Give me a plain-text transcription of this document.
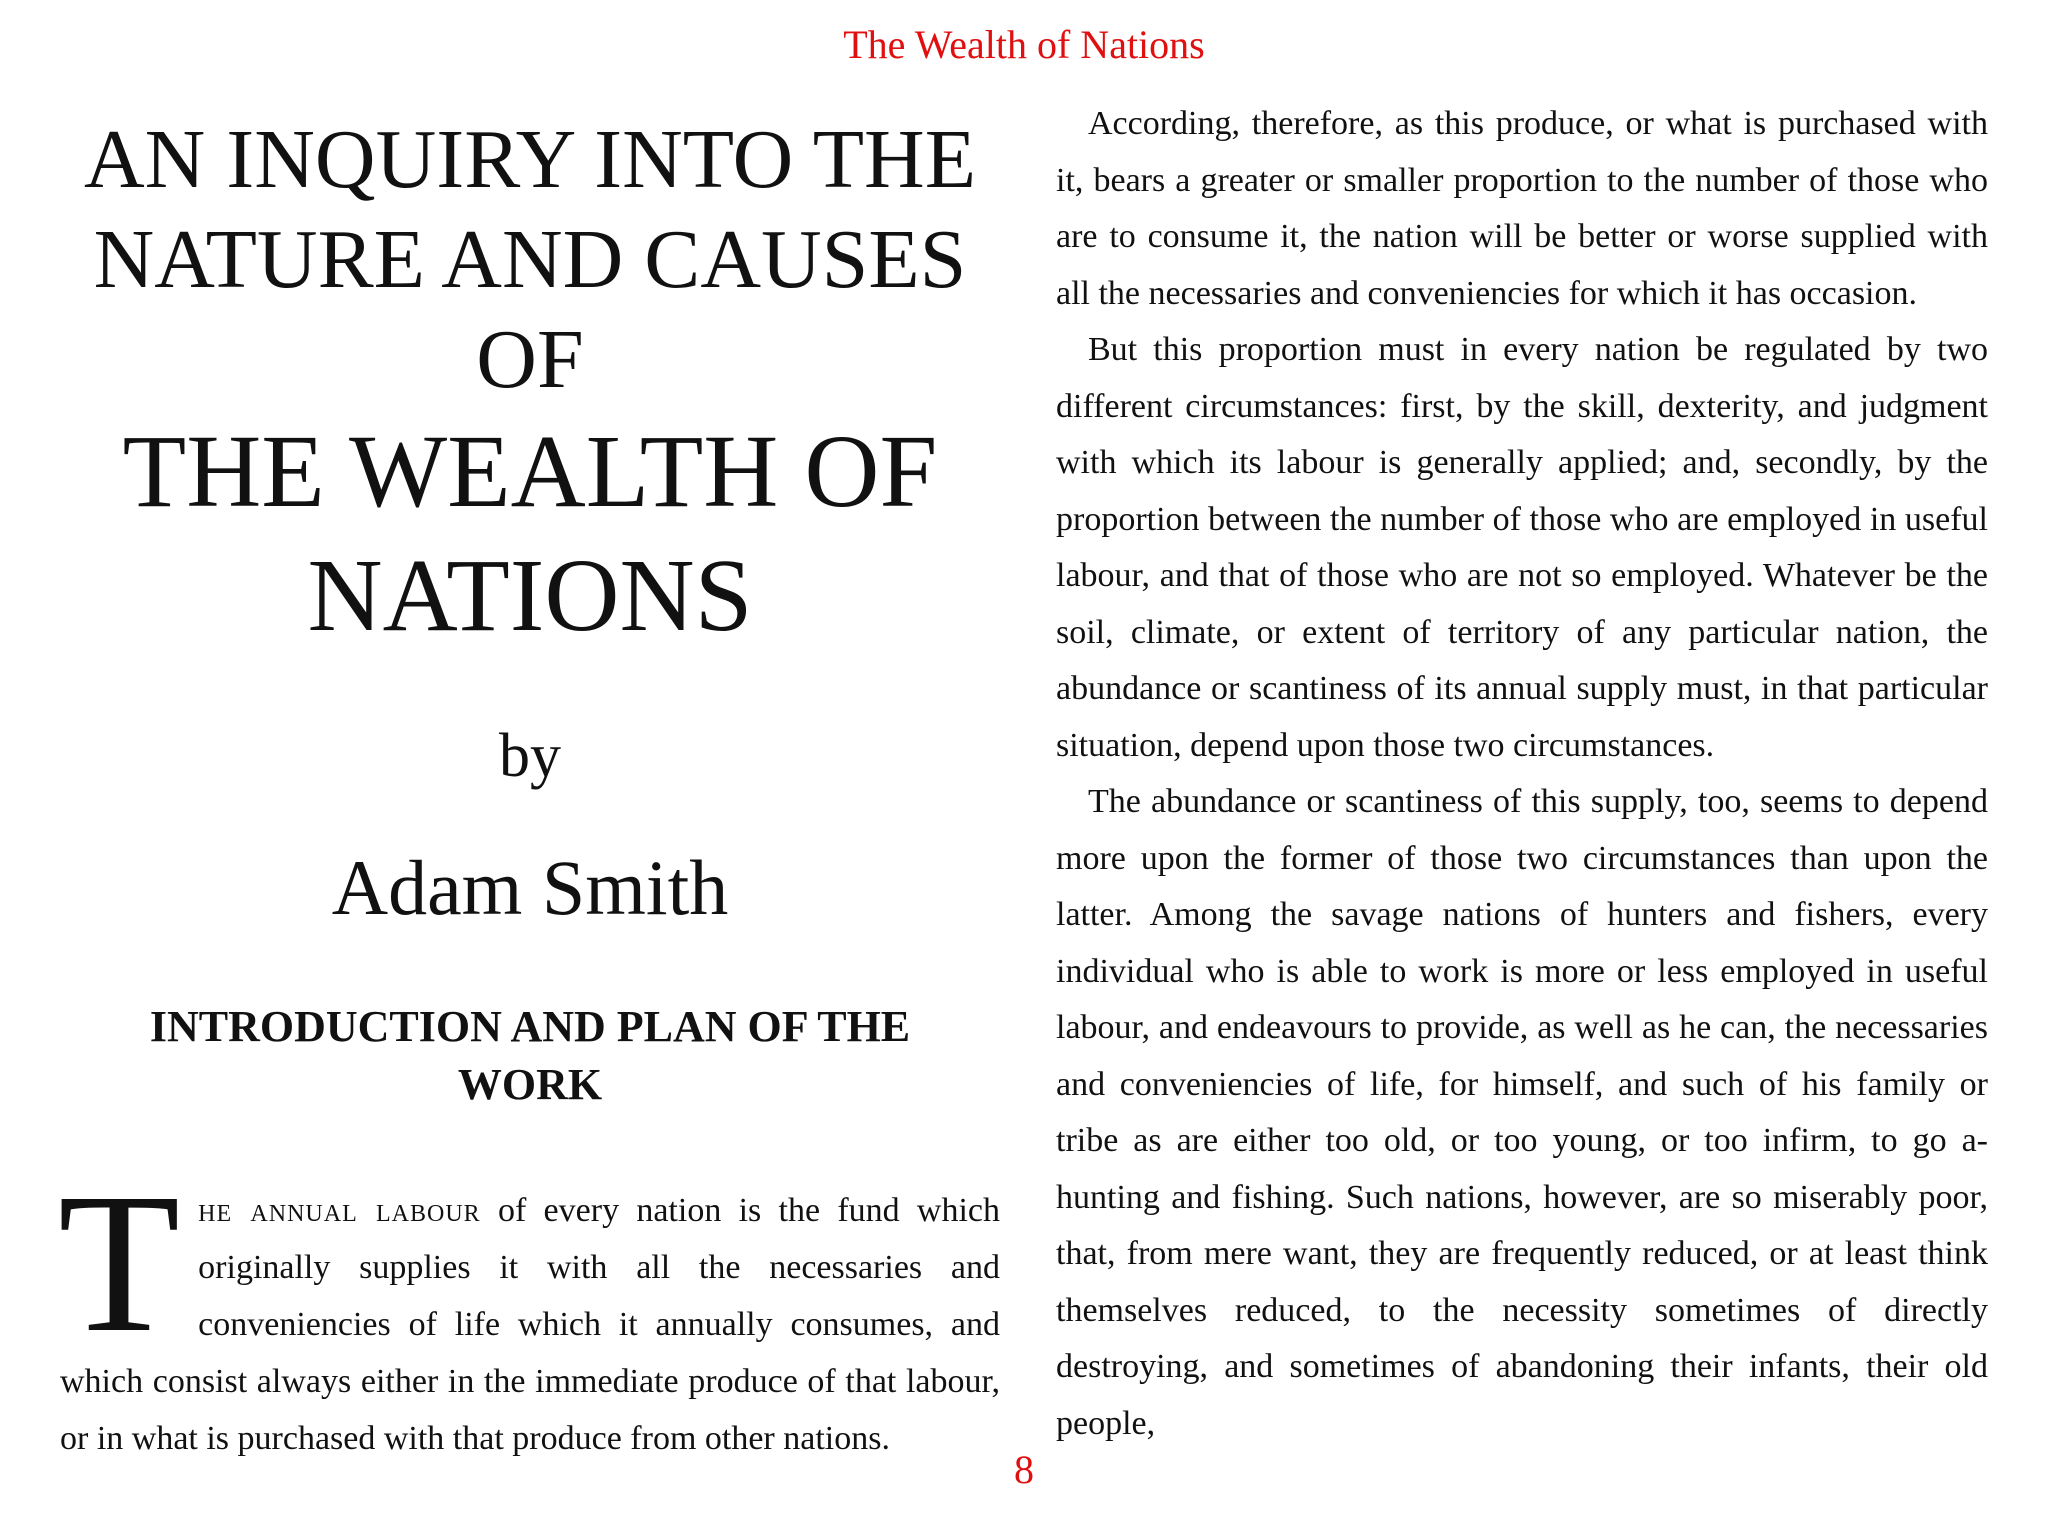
The Wealth of Nations
AN INQUIRY INTO THE
NATURE AND CAUSES
OF
THE WEALTH OF
NATIONS
by
Adam Smith
INTRODUCTION AND PLAN OF THE
WORK
The annual labour of every nation is the fund which originally supplies it with all the necessaries and conveniencies of life which it annually consumes, and which consist always either in the immediate produce of that labour, or in what is purchased with that produce from other nations.

According, therefore, as this produce, or what is purchased with it, bears a greater or smaller proportion to the number of those who are to consume it, the nation will be better or worse supplied with all the necessaries and conveniencies for which it has occasion.

But this proportion must in every nation be regulated by two different circumstances: first, by the skill, dexterity, and judgment with which its labour is generally applied; and, secondly, by the proportion between the number of those who are employed in useful labour, and that of those who are not so employed. Whatever be the soil, climate, or extent of territory of any particular nation, the abundance or scantiness of its annual supply must, in that particular situation, depend upon those two circumstances.

The abundance or scantiness of this supply, too, seems to depend more upon the former of those two circumstances than upon the latter. Among the savage nations of hunters and fishers, every individual who is able to work is more or less employed in useful labour, and endeavours to provide, as well as he can, the necessaries and conveniencies of life, for himself, and such of his family or tribe as are either too old, or too young, or too infirm, to go a-hunting and fishing. Such nations, however, are so miserably poor, that, from mere want, they are frequently reduced, or at least think themselves reduced, to the necessity sometimes of directly destroying, and sometimes of abandoning their infants, their old people,

8
